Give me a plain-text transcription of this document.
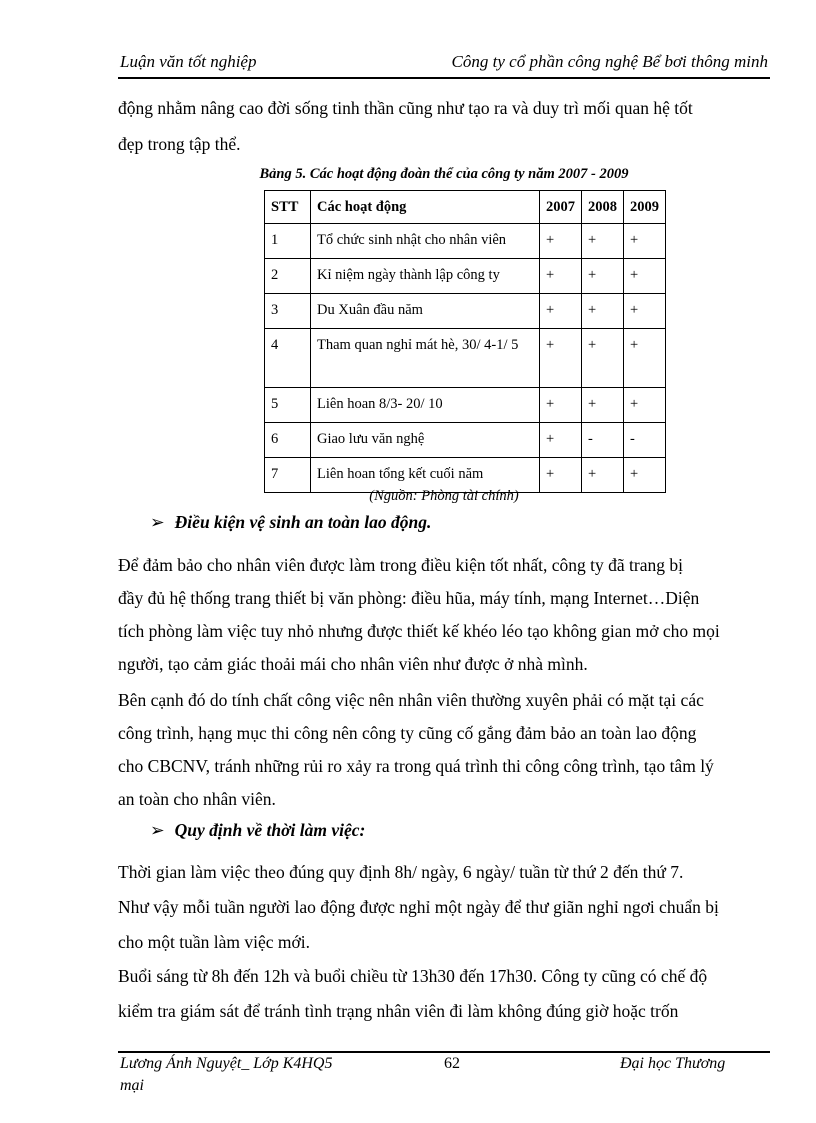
Luận văn tốt nghiệp	Công ty cổ phần công nghệ Bể bơi thông minh
động nhằm nâng cao đời sống tinh thần cũng như tạo ra và duy trì mối quan hệ tốt
đẹp trong tập thể.
Bảng 5. Các hoạt động đoàn thể của công ty năm 2007 - 2009
STT	Các hoạt động	2007	2008	2009
1	Tổ chức sinh nhật cho nhân viên	+	+	+
2	Kỉ niệm ngày thành lập công ty	+	+	+
3	Du Xuân đầu năm	+	+	+
4	Tham quan nghỉ mát hè, 30/ 4-1/ 5	+	+	+
5	Liên hoan 8/3- 20/ 10	+	+	+
6	Giao lưu văn nghệ	+	-	-
7	Liên hoan tổng kết cuối năm	+	+	+
(Nguồn: Phòng tài chính)
➢ Điều kiện vệ sinh an toàn lao động.
Để đảm bảo cho nhân viên được làm trong điều kiện tốt nhất, công ty đã trang bị
đầy đủ hệ thống trang thiết bị văn phòng: điều hũa, máy tính, mạng Internet…Diện
tích phòng làm việc tuy nhỏ nhưng được thiết kế khéo léo tạo không gian mở cho mọi
người, tạo cảm giác thoải mái cho nhân viên như được ở nhà mình.
Bên cạnh đó do tính chất công việc nên nhân viên thường xuyên phải có mặt tại các
công trình, hạng mục thi công nên công ty cũng cố gắng đảm bảo an toàn lao động
cho CBCNV, tránh những rủi ro xảy ra trong quá trình thi công công trình, tạo tâm lý
an toàn cho nhân viên.
➢ Quy định về thời làm việc:
Thời gian làm việc theo đúng quy định 8h/ ngày, 6 ngày/ tuần từ thứ 2 đến thứ 7.
Như vậy mỗi tuần người lao động được nghỉ một ngày để thư giãn nghỉ ngơi chuẩn bị
cho một tuần làm việc mới.
Buổi sáng từ 8h đến 12h và buổi chiều từ 13h30 đến 17h30. Công ty cũng có chế độ
kiểm tra giám sát để tránh tình trạng nhân viên đi làm không đúng giờ hoặc trốn
Lương Ánh Nguyệt_ Lớp K4HQ5
mại
62	Đại học Thương
